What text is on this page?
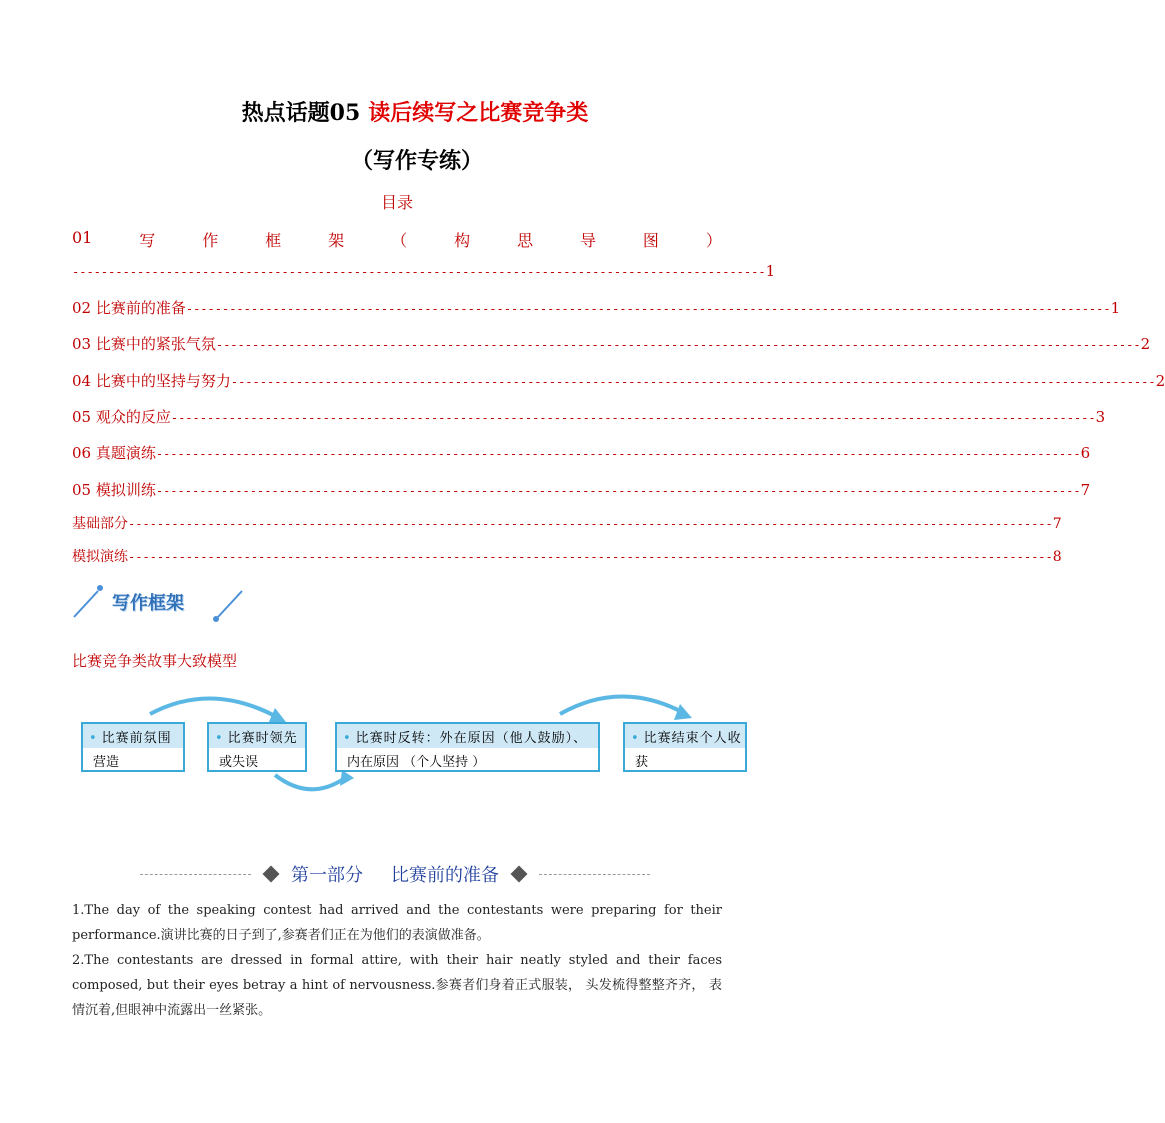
热点话题05 读后续写之比赛竞争类
（写作专练）
目录
01	写	作	框	架	（	构	思	导	图	）
------------------------------------------------------------------------------------------------ 1
02 比赛前的准备 -------------------------------------------------------------------------------------------------------------------------------- 1
03 比赛中的紧张气氛 -------------------------------------------------------------------------------------------------------------------------------- 2
04 比赛中的坚持与努力 -------------------------------------------------------------------------------------------------------------------------------- 2
05 观众的反应 -------------------------------------------------------------------------------------------------------------------------------- 3
06 真题演练 -------------------------------------------------------------------------------------------------------------------------------- 6
05 模拟训练 -------------------------------------------------------------------------------------------------------------------------------- 7
基础部分 -------------------------------------------------------------------------------------------------------------------------------- 7
模拟演练 -------------------------------------------------------------------------------------------------------------------------------- 8
写作框架
比赛竞争类故事大致模型
• 比赛前氛围
营造
• 比赛时领先
或失误
• 比赛时反转：外在原因（他人鼓励）、
内在原因 （个人坚持 ）
• 比赛结束个人收
获
第一部分 比赛前的准备

1.The day of the speaking contest had arrived and the contestants were preparing for their performance.演讲比赛的日子到了,参赛者们正在为他们的表演做准备。

2.The contestants are dressed in formal attire, with their hair neatly styled and their faces composed, but their eyes betray a hint of nervousness.参赛者们身着正式服装， 头发梳得整整齐齐， 表情沉着,但眼神中流露出一丝紧张。
